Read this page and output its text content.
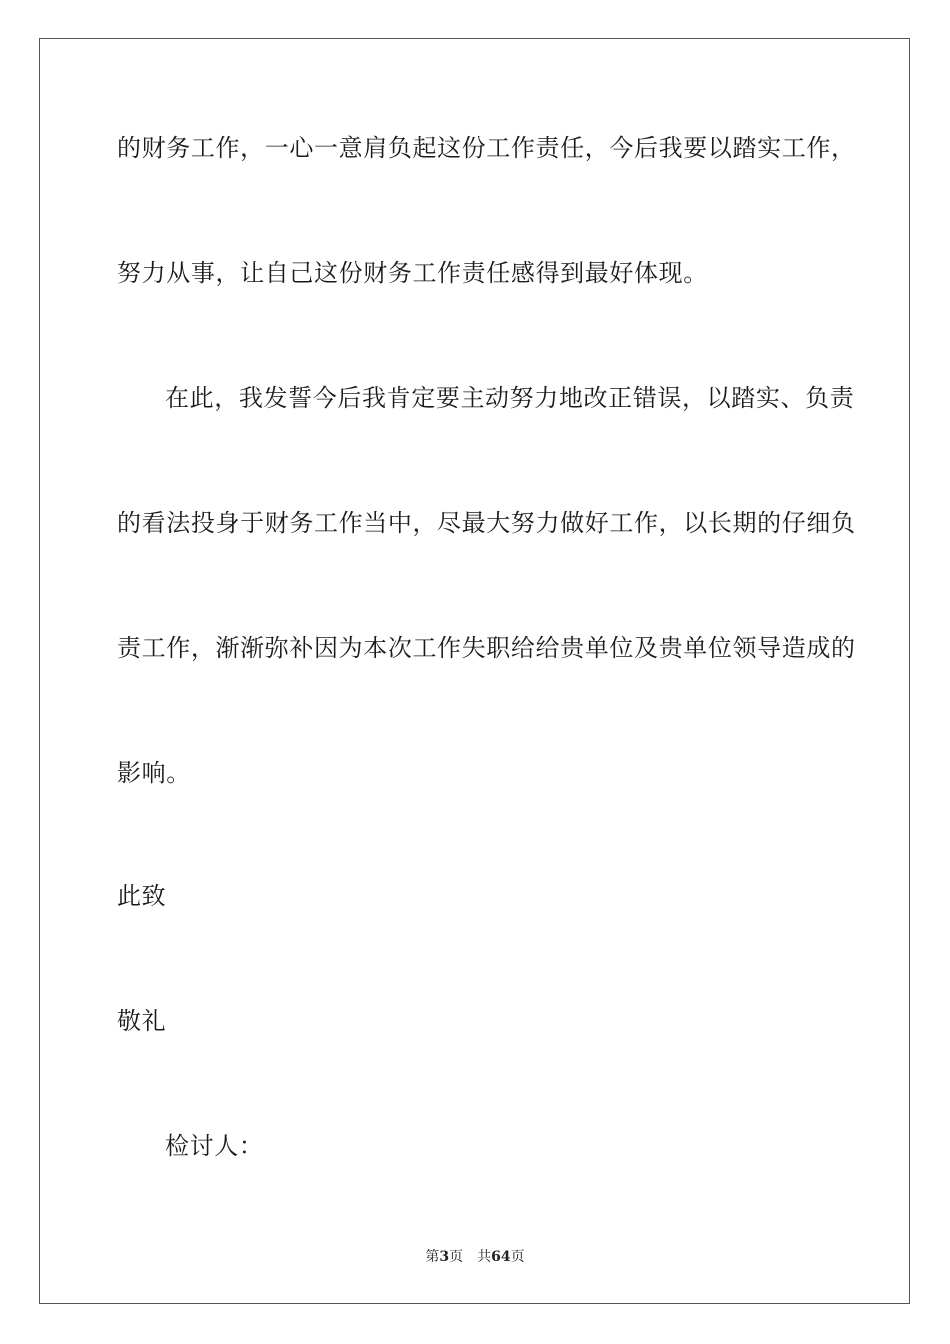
的财务工作，一心一意肩负起这份工作责任，今后我要以踏实工作，
努力从事，让自己这份财务工作责任感得到最好体现。
在此，我发誓今后我肯定要主动努力地改正错误，以踏实、负责
的看法投身于财务工作当中，尽最大努力做好工作，以长期的仔细负
责工作，渐渐弥补因为本次工作失职给给贵单位及贵单位领导造成的
影响。
此致
敬礼
检讨人：
第3页 共64页
